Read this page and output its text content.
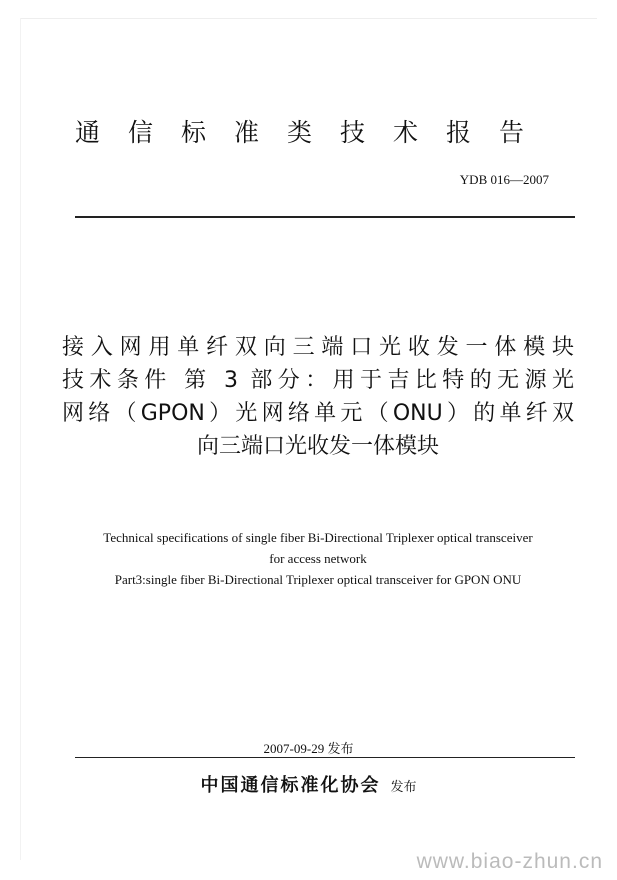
通信标准类技术报告
YDB 016—2007
接入网用单纤双向三端口光收发一体模块
技术条件 第 3 部分：用于吉比特的无源光
网络（GPON）光网络单元（ONU）的单纤双
向三端口光收发一体模块
Technical specifications of single fiber Bi-Directional Triplexer optical transceiver
for access network
Part3:single fiber Bi-Directional Triplexer optical transceiver for GPON ONU
2007-09-29 发布
中国通信标准化协会 发布
www.biao-zhun.cn
